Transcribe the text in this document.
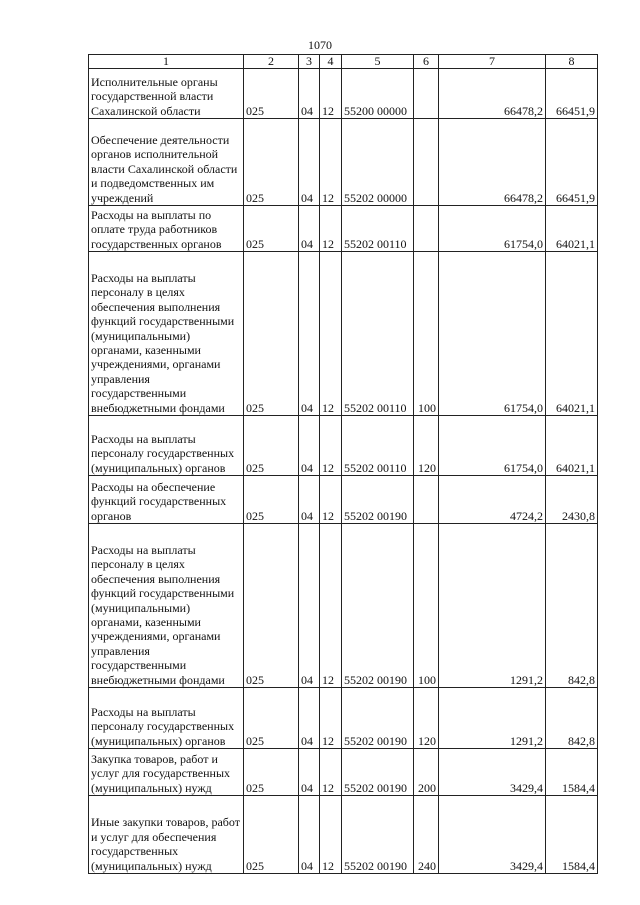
1070
1	2	3	4	5	6	7	8
Исполнительные органы государственной власти Сахалинской области	025	04	12	55200 00000		66478,2	66451,9
Обеспечение деятельности органов исполнительной власти Сахалинской области и подведомственных им учреждений	025	04	12	55202 00000		66478,2	66451,9
Расходы на выплаты по оплате труда работников государственных органов	025	04	12	55202 00110		61754,0	64021,1
Расходы на выплаты персоналу в целях обеспечения выполнения функций государственными (муниципальными) органами, казенными учреждениями, органами управления государственными внебюджетными фондами	025	04	12	55202 00110	100	61754,0	64021,1
Расходы на выплаты персоналу государственных (муниципальных) органов	025	04	12	55202 00110	120	61754,0	64021,1
Расходы на обеспечение функций государственных органов	025	04	12	55202 00190		4724,2	2430,8
Расходы на выплаты персоналу в целях обеспечения выполнения функций государственными (муниципальными) органами, казенными учреждениями, органами управления государственными внебюджетными фондами	025	04	12	55202 00190	100	1291,2	842,8
Расходы на выплаты персоналу государственных (муниципальных) органов	025	04	12	55202 00190	120	1291,2	842,8
Закупка товаров, работ и услуг для государственных (муниципальных) нужд	025	04	12	55202 00190	200	3429,4	1584,4
Иные закупки товаров, работ и услуг для обеспечения государственных (муниципальных) нужд	025	04	12	55202 00190	240	3429,4	1584,4
